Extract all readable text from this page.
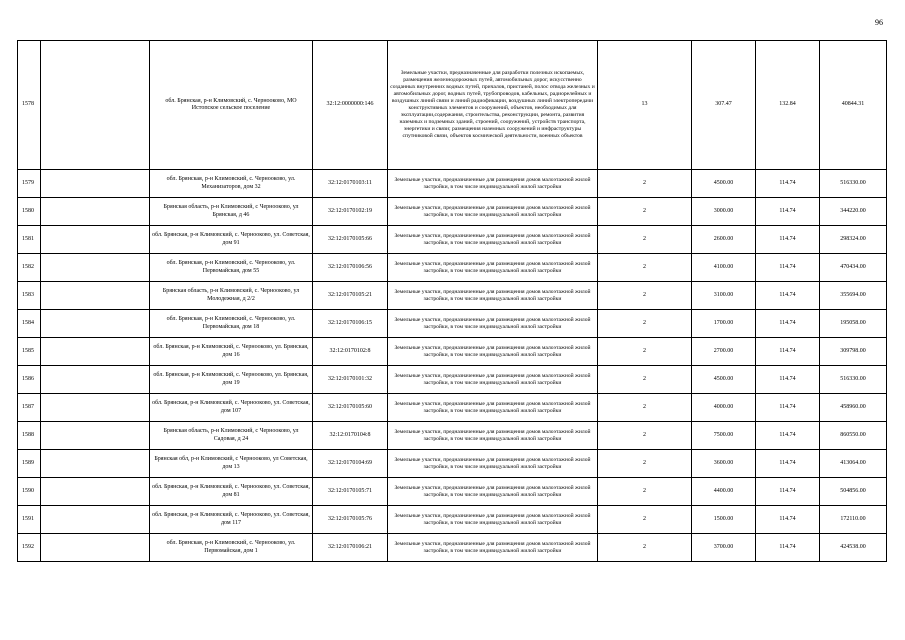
96
1578		обл. Брянская, р-н Климовский, с. Чернооково, МО Истопское сельское поселение	32:12:0000000:146	Земельные участки, предназначенные для разработки полезных ископаемых, размещения железнодорожных путей, автомобильных дорог, искусственно созданных внутренних водных путей, причалов, пристаней, полос отвода железных и автомобильных дорог, водных путей, трубопроводов, кабельных, радиорелейных и воздушных линий связи и линий радиофикации, воздушных линий электропередачи конструктивных элементов и сооружений, объектов, необходимых для эксплуатации,содержания, строительства, реконструкции, ремонта, развития наземных и подземных зданий, строений, сооружений, устройств транспорта, энергетики и связи; размещения наземных сооружений и инфраструктуры спутниковой связи, объектов космической деятельности, военных объектов	13	307.47	132.84	40844.31
1579		обл. Брянская, р-н Климовский, с. Чернооково, ул. Механизаторов, дом 32	32:12:0170103:11	Земельные участки, предназначенные для размещения домов малоэтажной жилой застройки, в том числе индивидуальной жилой застройки	2	4500.00	114.74	516330.00
1580		Брянская область, р-н Климовский, с Чернооково, ул Брянская, д 46	32:12:0170102:19	Земельные участки, предназначенные для размещения домов малоэтажной жилой застройки, в том числе индивидуальной жилой застройки	2	3000.00	114.74	344220.00
1581		обл. Брянская, р-н Климовский, с. Чернооково, ул. Советская, дом 91	32:12:0170105:66	Земельные участки, предназначенные для размещения домов малоэтажной жилой застройки, в том числе индивидуальной жилой застройки	2	2600.00	114.74	298324.00
1582		обл. Брянская, р-н Климовский, с. Чернооково, ул. Первомайская, дом 55	32:12:0170106:56	Земельные участки, предназначенные для размещения домов малоэтажной жилой застройки, в том числе индивидуальной жилой застройки	2	4100.00	114.74	470434.00
1583		Брянская область, р-н Климовский, с. Чернооково, ул Молодежная, д 2/2	32:12:0170105:21	Земельные участки, предназначенные для размещения домов малоэтажной жилой застройки, в том числе индивидуальной жилой застройки	2	3100.00	114.74	355694.00
1584		обл. Брянская, р-н Климовский, с. Чернооково, ул. Первомайская, дом 18	32:12:0170106:15	Земельные участки, предназначенные для размещения домов малоэтажной жилой застройки, в том числе индивидуальной жилой застройки	2	1700.00	114.74	195058.00
1585		обл. Брянская, р-н Климовский, с. Чернооково, ул. Брянская, дом 16	32:12:0170102:8	Земельные участки, предназначенные для размещения домов малоэтажной жилой застройки, в том числе индивидуальной жилой застройки	2	2700.00	114.74	309798.00
1586		обл. Брянская, р-н Климовский, с. Чернооково, ул. Брянская, дом 19	32:12:0170101:32	Земельные участки, предназначенные для размещения домов малоэтажной жилой застройки, в том числе индивидуальной жилой застройки	2	4500.00	114.74	516330.00
1587		обл. Брянская, р-н Климовский, с. Чернооково, ул. Советская, дом 107	32:12:0170105:60	Земельные участки, предназначенные для размещения домов малоэтажной жилой застройки, в том числе индивидуальной жилой застройки	2	4000.00	114.74	458960.00
1588		Брянская область, р-н Климовский, с Чернооково, ул Садовая, д 24	32:12:0170104:8	Земельные участки, предназначенные для размещения домов малоэтажной жилой застройки, в том числе индивидуальной жилой застройки	2	7500.00	114.74	860550.00
1589		Брянская обл, р-н Климовский, с Чернооково, ул Советская, дом 13	32:12:0170104:69	Земельные участки, предназначенные для размещения домов малоэтажной жилой застройки, в том числе индивидуальной жилой застройки	2	3600.00	114.74	413064.00
1590		обл. Брянская, р-н Климовский, с. Чернооково, ул. Советская, дом 81	32:12:0170105:71	Земельные участки, предназначенные для размещения домов малоэтажной жилой застройки, в том числе индивидуальной жилой застройки	2	4400.00	114.74	504856.00
1591		обл. Брянская, р-н Климовский, с. Чернооково, ул. Советская, дом 117	32:12:0170105:76	Земельные участки, предназначенные для размещения домов малоэтажной жилой застройки, в том числе индивидуальной жилой застройки	2	1500.00	114.74	172110.00
1592		обл. Брянская, р-н Климовский, с. Чернооково, ул. Первомайская, дом 1	32:12:0170106:21	Земельные участки, предназначенные для размещения домов малоэтажной жилой застройки, в том числе индивидуальной жилой застройки	2	3700.00	114.74	424538.00
